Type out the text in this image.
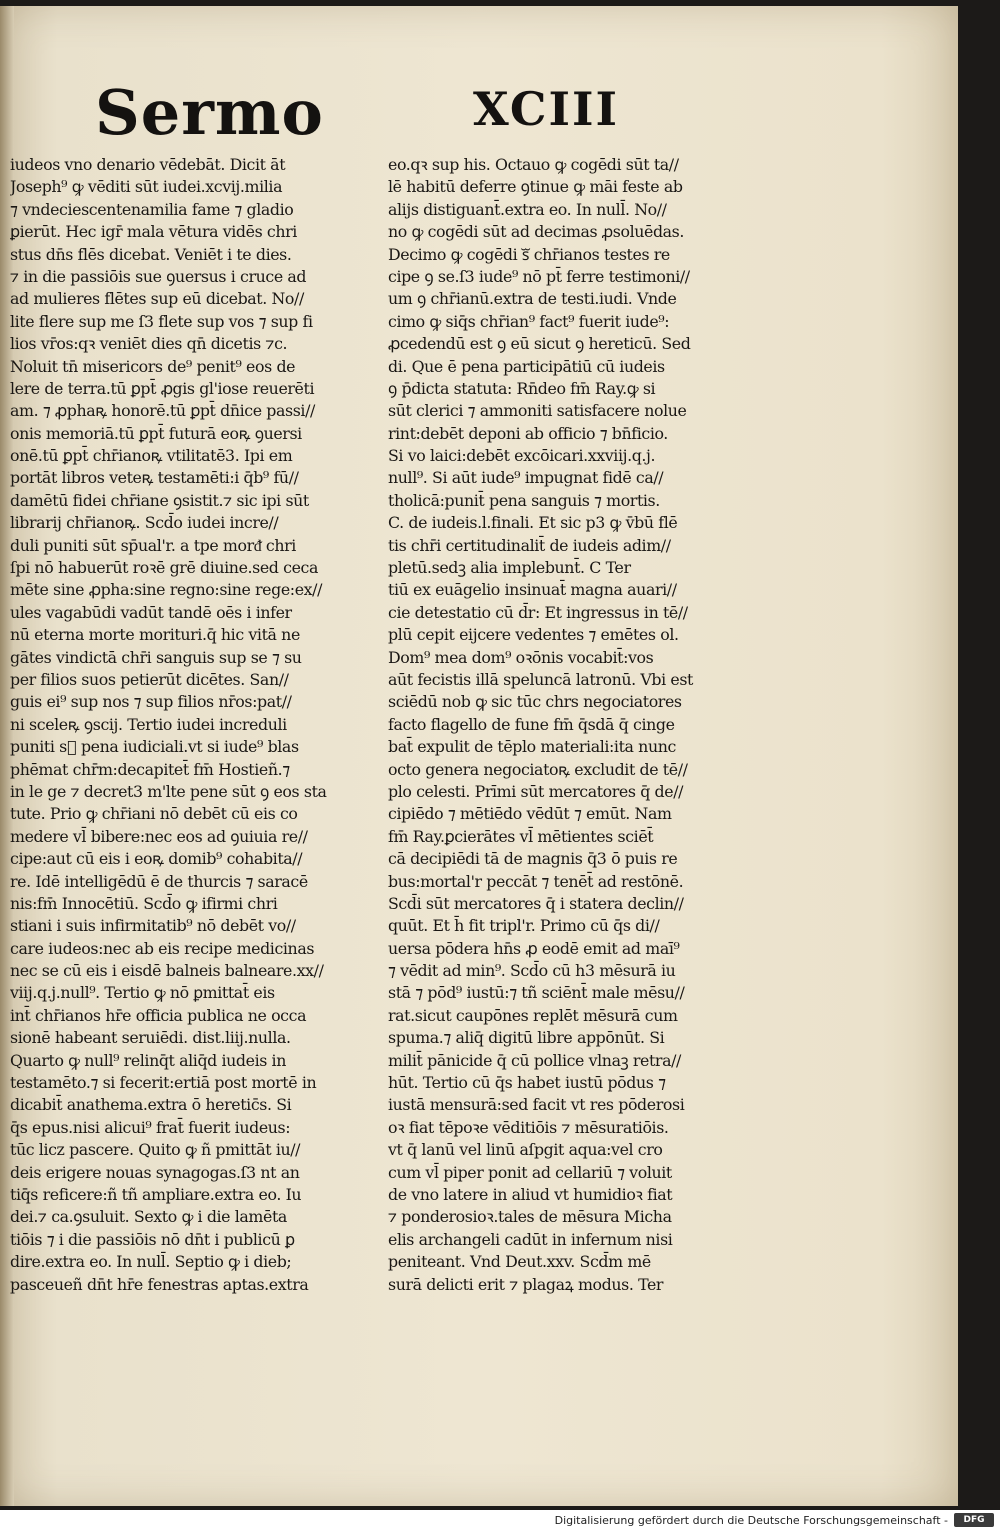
Sermo	XCIII
iudeos vno denario vēdebāt. Dicit āt
Joseph⁹ ꝙ vēditi sūt iudei.xcvij.milia
⁊ vndeciescentenamilia fame ⁊ gladio
ꝑierūt. Hec igr̄ mala vētura vidēs chri
stus dn̄s flēs dicebat. Veniēt i te dies.
⁊ in die passiōis sue ꝯuersus i cruce ad
ad mulieres flētes sup eū dicebat. No//
lite flere sup me ſ3 flete sup vos ⁊ sup fi
lios vr̄os:qꝛ veniēt dies qn̄ dicetis ⁊c.
Noluit tn̄ misericors de⁹ penit⁹ eos de
lere de terra.tū ꝑpt̄ ꝓgis gl'iose reuerēti
am. ⁊ ꝓphaꝶ honorē.tū ꝑpt̄ dn̄ice passi//
onis memoriā.tū ꝑpt̄ futurā eoꝶ ꝯuersi
onē.tū ꝑpt̄ chr̄ianoꝶ vtilitatē3. Ipi em
portāt libros veteꝶ testamēti:i q̄b⁹ fū//
damētū fidei chr̄iane ꝯsistit.⁊ sic ipi sūt
librarij chr̄ianoꝶ. Scd̄o iudei incre//
duli puniti sūt sp̄ual'r. a tpe morᵭ chri
ſpi nō habuerūt roꝛē grē diuine.sed ceca
mēte sine ꝓpha:sine regno:sine rege:ex//
ules vagabūdi vadūt tandē oēs i infer
nū eterna morte morituri.q̄ hic vitā ne
gātes vindictā chr̄i sanguis sup se ⁊ su
per filios suos petierūt dicētes. San//
guis ei⁹ sup nos ⁊ sup filios nr̄os:pat//
ni sceleꝶ ꝯscij. Tertio iudei increduli
puniti sᷓ pena iudiciali.vt si iude⁹ blas
phēmat chr̄m:decapitet̄ fm̄ Hostieñ.⁊
in le ge ⁊ decret3 m'lte pene sūt ꝯ eos sta
tute. Prio ꝙ chr̄iani nō debēt cū eis co
medere vl̄ bibere:nec eos ad ꝯuiuia re//
cipe:aut cū eis i eoꝶ domib⁹ cohabita//
re. Idē intelligēdū ē de thurcis ⁊ saracē
nis:fm̄ Innocētiū. Scd̄o ꝙ ifirmi chri
stiani i suis infirmitatib⁹ nō debēt vo//
care iudeos:nec ab eis recipe medicinas
nec se cū eis i eisdē balneis balneare.xx//
viij.q.j.null⁹. Tertio ꝙ nō ꝑmittat̄ eis
int̄ chr̄ianos hr̄e officia publica ne occa
sionē habeant seruiēdi. dist.liij.nulla.
Quarto ꝙ null⁹ relinq̄t aliq̄d iudeis in
testamēto.⁊ si fecerit:ertiā post mortē in
dicabit̄ anathema.extra ō heretic̄s. Si
q̄s epus.nisi alicui⁹ frat̄ fuerit iudeus:
tūc licz pascere. Quito ꝙ ñ pmittāt iu//
deis erigere nouas synagogas.ſ3 nt an
tiq̄s reficere:ñ tñ ampliare.extra eo. Iu
dei.⁊ ca.ꝯsuluit. Sexto ꝙ i die lamēta
tiōis ⁊ i die passiōis nō dn̄t i publicū ꝑ
dire.extra eo. In null̄. Septio ꝙ i dieb;
pasceueñ dn̄t hr̄e fenestras aptas.extra
eo.qꝛ sup his. Octauo ꝙ cogēdi sūt ta//
lē habitū deferre ꝯtinue ꝙ māi feste ab
alijs distiguant̄.extra eo. In null̄. No//
no ꝙ cogēdi sūt ad decimas ꝓsoluēdas.
Decimo ꝙ cogēdi sᷓ chr̄ianos testes re
cipe ꝯ se.ſ3 iude⁹ nō pt̄ ferre testimoni//
um ꝯ chr̄ianū.extra de testi.iudi. Vnde
cimo ꝙ siq̄s chr̄ian⁹ fact⁹ fuerit iude⁹:
ꝓcedendū est ꝯ eū sicut ꝯ hereticū. Sed
di. Que ē pena participātiū cū iudeis
ꝯ p̄dicta statuta: Rn̄deo fm̄ Ray.ꝙ si
sūt clerici ⁊ ammoniti satisfacere nolue
rint:debēt deponi ab officio ⁊ bn̄ficio.
Si vo laici:debēt excōicari.xxviij.q.j.
null⁹. Si aūt iude⁹ impugnat fidē ca//
tholicā:punit̄ pena sanguis ⁊ mortis.
C. de iudeis.l.finali. Et sic p3 ꝙ v̄bū flē
tis chr̄i certitudinalit̄ de iudeis adim//
pletū.sedꝫ alia implebunt̄. C Ter
tiū ex euāgelio insinuat̄ magna auari//
cie detestatio cū d̄r: Et ingressus in tē//
plū cepit eijcere vedentes ⁊ emētes ol.
Dom⁹ mea dom⁹ oꝛōnis vocabit̄:vos
aūt fecistis illā speluncā latronū. Vbi est
sciēdū nob ꝙ sic tūc chrs negociatores
facto flagello de fune fm̄ q̄sdā q̄ cinge
bat̄ expulit de tēplo materiali:ita nunc
octo genera negociatoꝶ excludit de tē//
plo celesti. Prīmi sūt mercatores q̄ de//
cipiēdo ⁊ mētiēdo vēdūt ⁊ emūt. Nam
fm̄ Ray.ꝑcierātes vl̄ mētientes sciēt̄
cā decipiēdi tā de magnis q̄3 ō puis re
bus:mortal'r peccāt ⁊ tenēt̄ ad restōnē.
Scd̄i sūt mercatores q̄ i statera declin//
quūt. Et h̄ fit tripl'r. Primo cū q̄s di//
uersa pōdera hn̄s ꝓ eodē emit ad maī⁹
⁊ vēdit ad min⁹. Scd̄o cū h3 mēsurā iu
stā ⁊ pōd⁹ iustū:⁊ tñ sciēnt̄ male mēsu//
rat.sicut caupōnes replēt mēsurā cum
spuma.⁊ aliq̄ digitū libre appōnūt. Si
milit̄ pānicide q̄ cū pollice vlnaꝫ retra//
hūt. Tertio cū q̄s habet iustū pōdus ⁊
iustā mensurā:sed facit vt res pōderosi
oꝛ fiat tēpoꝛe vēditiōis ⁊ mēsuratiōis.
vt q̄ lanū vel linū aſpgit aqua:vel cro
cum vl̄ piper ponit ad cellariū ⁊ voluit
de vno latere in aliud vt humidioꝛ fiat
⁊ ponderosioꝛ.tales de mēsura Micha
elis archangeli cadūt in infernum nisi
peniteant. Vnd Deut.xxv. Scd̄m mē
surā delicti erit ⁊ plagaꝝ modus. Ter
Digitalisierung gefördert durch die Deutsche Forschungsgemeinschaft -	DFG
